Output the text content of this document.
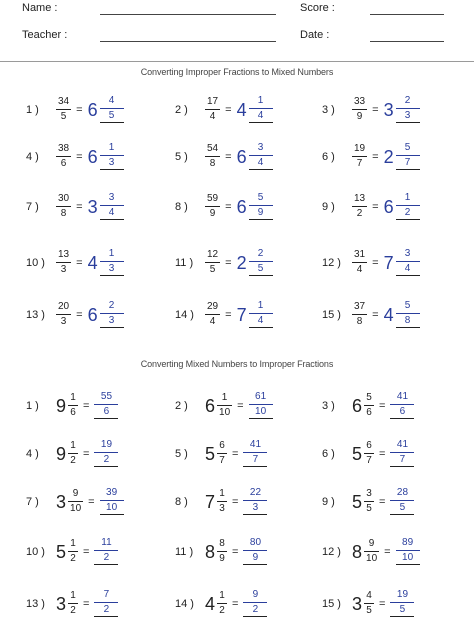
Name :	Score :
Teacher :	Date :
Converting Improper Fractions to Mixed Numbers
1 )	$\frac{34}{5} = 6 \frac{4}{5}$	2 )	$\frac{17}{4} = 4 \frac{1}{4}$	3 )	$\frac{33}{9} = 3 \frac{2}{3}$
4 )	$\frac{38}{6} = 6 \frac{1}{3}$	5 )	$\frac{54}{8} = 6 \frac{3}{4}$	6 )	$\frac{19}{7} = 2 \frac{5}{7}$
7 )	$\frac{30}{8} = 3 \frac{3}{4}$	8 )	$\frac{59}{9} = 6 \frac{5}{9}$	9 )	$\frac{13}{2} = 6 \frac{1}{2}$
10 )	$\frac{13}{3} = 4 \frac{1}{3}$	11 )	$\frac{12}{5} = 2 \frac{2}{5}$	12 )	$\frac{31}{4} = 7 \frac{3}{4}$
13 )	$\frac{20}{3} = 6 \frac{2}{3}$	14 )	$\frac{29}{4} = 7 \frac{1}{4}$	15 )	$\frac{37}{8} = 4 \frac{5}{8}$
Converting Mixed Numbers to Improper Fractions
1 ) $9 \frac{1}{6} = \frac{55}{6}$	2 ) $6 \frac{1}{10} = \frac{61}{10}$	3 ) $6 \frac{5}{6} = \frac{41}{6}$
4 ) $9 \frac{1}{2} = \frac{19}{2}$	5 ) $5 \frac{6}{7} = \frac{41}{7}$	6 ) $5 \frac{6}{7} = \frac{41}{7}$
7 ) $3 \frac{9}{10} = \frac{39}{10}$	8 ) $7 \frac{1}{3} = \frac{22}{3}$	9 ) $5 \frac{3}{5} = \frac{28}{5}$
10 ) $5 \frac{1}{2} = \frac{11}{2}$	11 ) $8 \frac{8}{9} = \frac{80}{9}$	12 ) $8 \frac{9}{10} = \frac{89}{10}$
13 ) $3 \frac{1}{2} = \frac{7}{2}$	14 ) $4 \frac{1}{2} = \frac{9}{2}$	15 ) $3 \frac{4}{5} = \frac{19}{5}$
